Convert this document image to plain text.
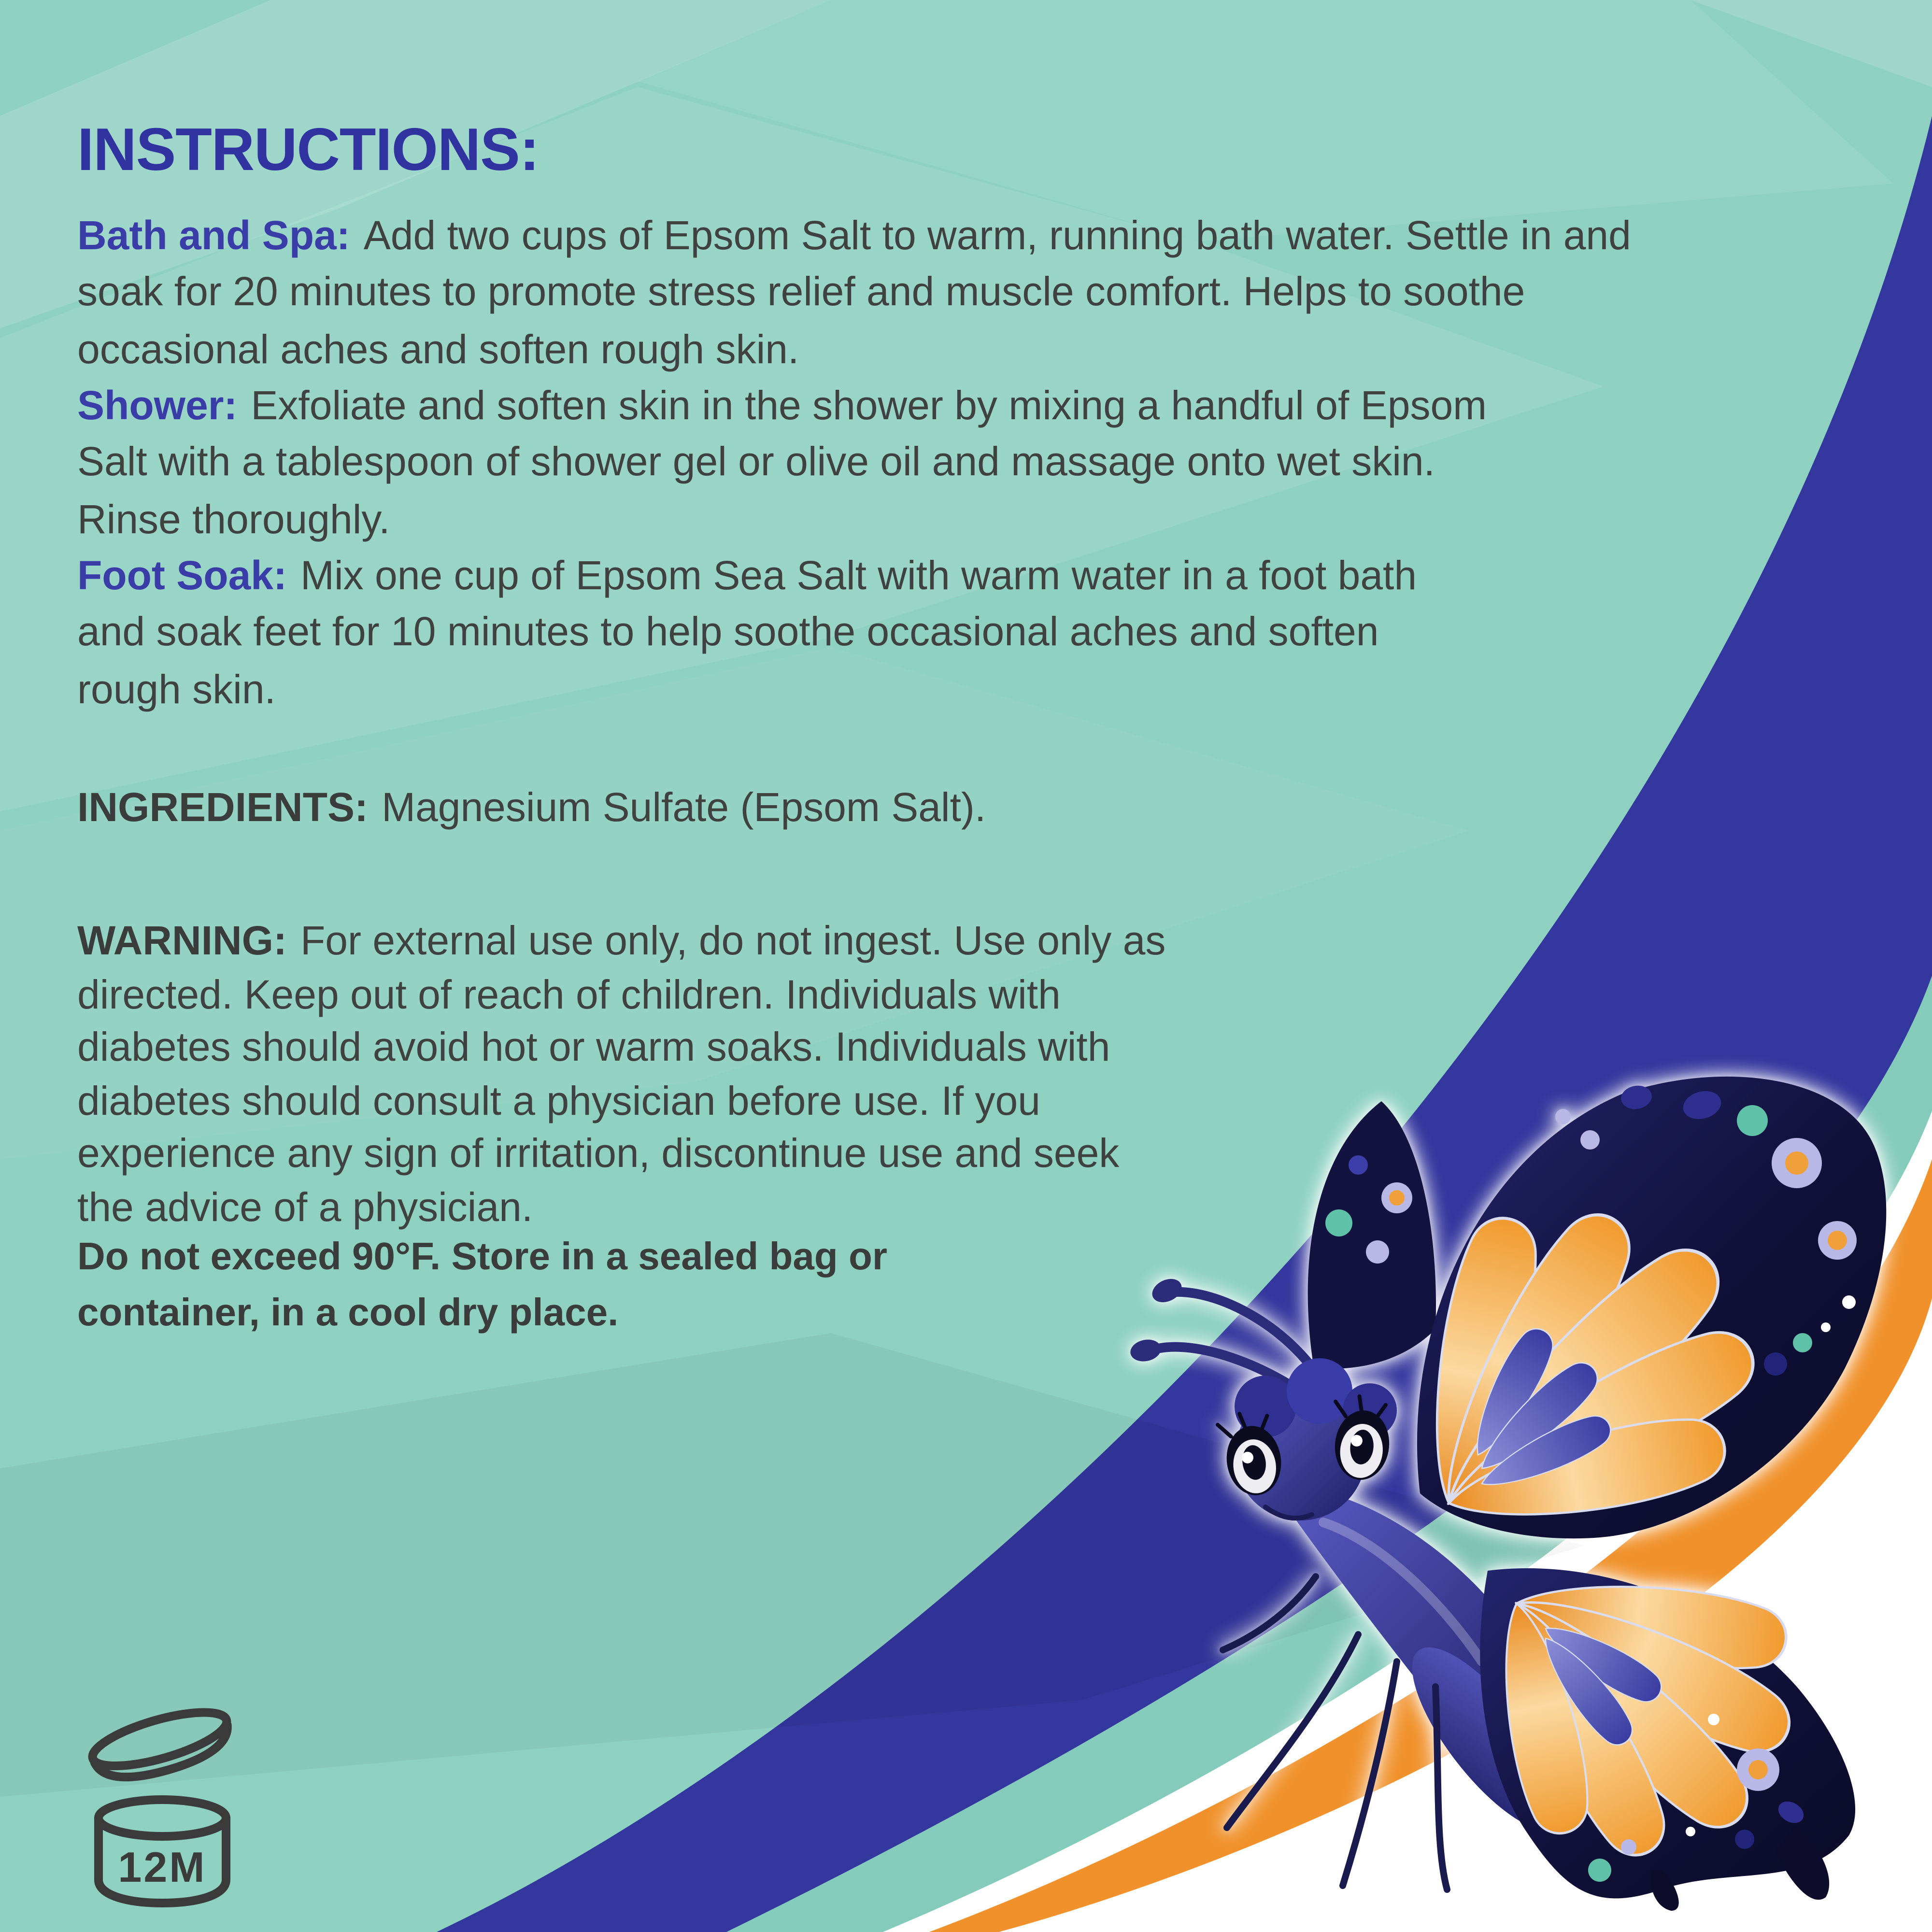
INSTRUCTIONS:
Bath and Spa: Add two cups of Epsom Salt to warm, running bath water. Settle in and
soak for 20 minutes to promote stress relief and muscle comfort. Helps to soothe
occasional aches and soften rough skin.
Shower: Exfoliate and soften skin in the shower by mixing a handful of Epsom
Salt with a tablespoon of shower gel or olive oil and massage onto wet skin.
Rinse thoroughly.
Foot Soak: Mix one cup of Epsom Sea Salt with warm water in a foot bath
and soak feet for 10 minutes to help soothe occasional aches and soften
rough skin.
INGREDIENTS: Magnesium Sulfate (Epsom Salt).
WARNING: For external use only, do not ingest. Use only as
directed. Keep out of reach of children. Individuals with
diabetes should avoid hot or warm soaks. Individuals with
diabetes should consult a physician before use. If you
experience any sign of irritation, discontinue use and seek
the advice of a physician.
Do not exceed 90°F. Store in a sealed bag or
container, in a cool dry place.
12M
